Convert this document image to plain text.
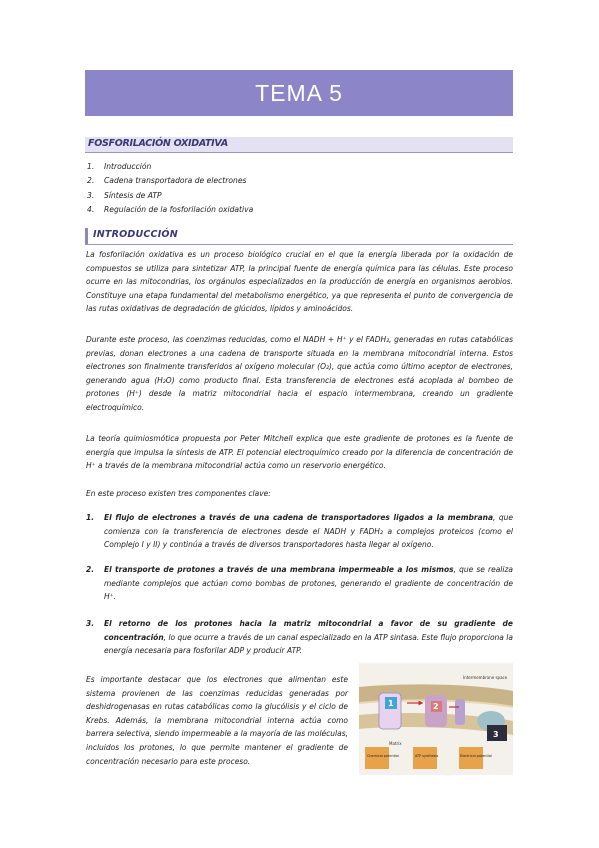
TEMA 5
FOSFORILACIÓN OXIDATIVA
1. Introducción
2. Cadena transportadora de electrones
3. Síntesis de ATP
4. Regulación de la fosforilación oxidativa
INTRODUCCIÓN

La fosforilación oxidativa es un proceso biológico crucial en el que la energía liberada por la oxidación de compuestos se utiliza para sintetizar ATP, la principal fuente de energía química para las células. Este proceso ocurre en las mitocondrias, los orgánulos especializados en la producción de energía en organismos aerobios. Constituye una etapa fundamental del metabolismo energético, ya que representa el punto de convergencia de las rutas oxidativas de degradación de glúcidos, lípidos y aminoácidos.

Durante este proceso, las coenzimas reducidas, como el NADH + H⁺ y el FADH₂, generadas en rutas catabólicas previas, donan electrones a una cadena de transporte situada en la membrana mitocondrial interna. Estos electrones son finalmente transferidos al oxígeno molecular (O₂), que actúa como último aceptor de electrones, generando agua (H₂O) como producto final. Esta transferencia de electrones está acoplada al bombeo de protones (H⁺) desde la matriz mitocondrial hacia el espacio intermembrana, creando un gradiente electroquímico.

La teoría quimiosmótica propuesta por Peter Mitchell explica que este gradiente de protones es la fuente de energía que impulsa la síntesis de ATP. El potencial electroquímico creado por la diferencia de concentración de H⁺ a través de la membrana mitocondrial actúa como un reservorio energético.

En este proceso existen tres componentes clave:

1. El flujo de electrones a través de una cadena de transportadores ligados a la membrana, que comienza con la transferencia de electrones desde el NADH y FADH₂ a complejos proteicos (como el Complejo I y II) y continúa a través de diversos transportadores hasta llegar al oxígeno.
2. El transporte de protones a través de una membrana impermeable a los mismos, que se realiza mediante complejos que actúan como bombas de protones, generando el gradiente de concentración de H⁺.
3. El retorno de los protones hacia la matriz mitocondrial a favor de su gradiente de concentración, lo que ocurre a través de un canal especializado en la ATP sintasa. Este flujo proporciona la energía necesaria para fosforilar ADP y producir ATP.

Es importante destacar que los electrones que alimentan este sistema provienen de las coenzimas reducidas generadas por deshidrogenasas en rutas catabólicas como la glucólisis y el ciclo de Krebs. Además, la membrana mitocondrial interna actúa como barrera selectiva, siendo impermeable a la mayoría de las moléculas, incluidos los protones, lo que permite mantener el gradiente de concentración necesario para este proceso.

1	2
3
Intermembrane space
Matrix
Chemical potential	ATP synthesis	Electrical potential
